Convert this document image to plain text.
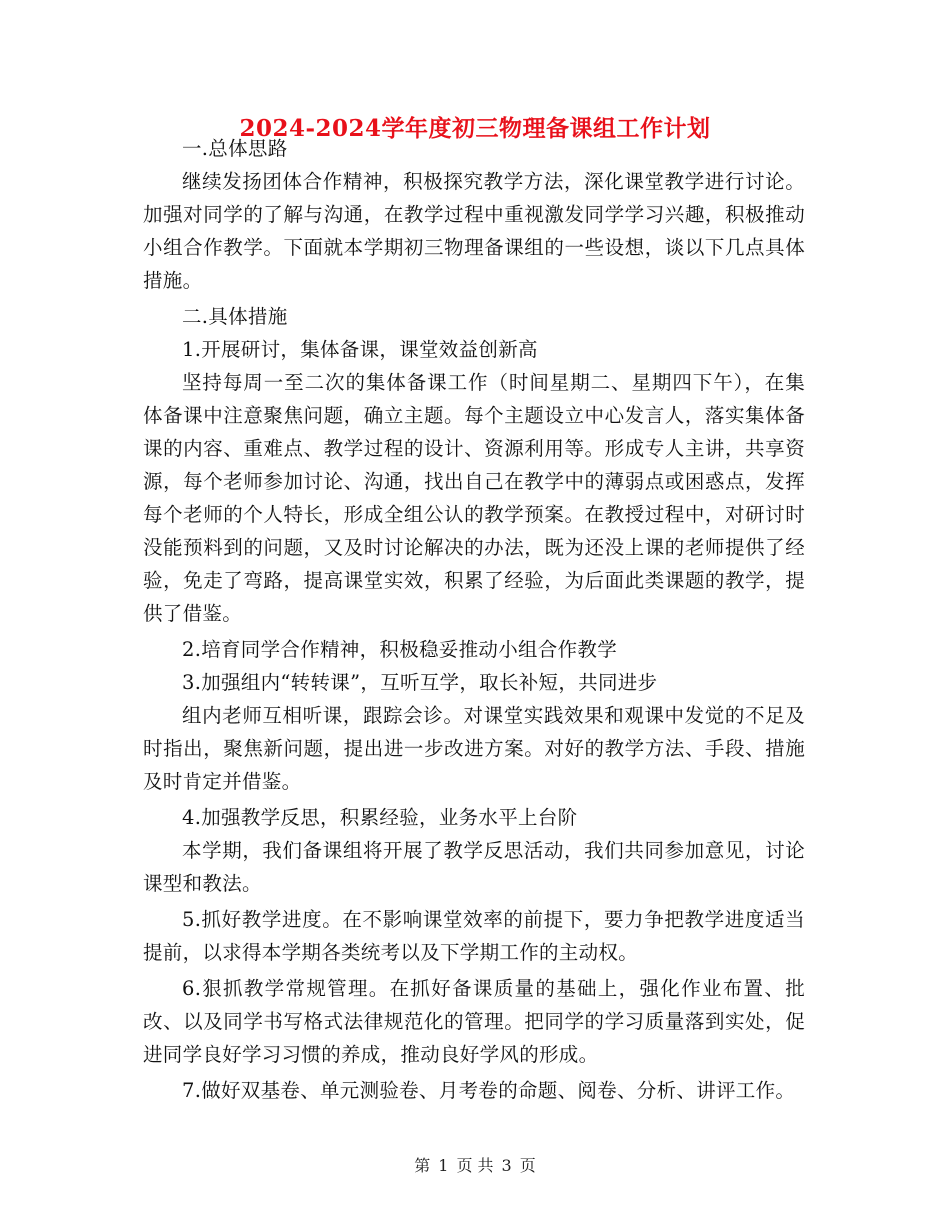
2024-2024学年度初三物理备课组工作计划

一.总体思路

继续发扬团体合作精神，积极探究教学方法，深化课堂教学进行讨论。加强对同学的了解与沟通，在教学过程中重视激发同学学习兴趣，积极推动小组合作教学。下面就本学期初三物理备课组的一些设想，谈以下几点具体措施。

二.具体措施

1.开展研讨，集体备课，课堂效益创新高

坚持每周一至二次的集体备课工作（时间星期二、星期四下午），在集体备课中注意聚焦问题，确立主题。每个主题设立中心发言人，落实集体备课的内容、重难点、教学过程的设计、资源利用等。形成专人主讲，共享资源，每个老师参加讨论、沟通，找出自己在教学中的薄弱点或困惑点，发挥每个老师的个人特长，形成全组公认的教学预案。在教授过程中，对研讨时没能预料到的问题，又及时讨论解决的办法，既为还没上课的老师提供了经验，免走了弯路，提高课堂实效，积累了经验，为后面此类课题的教学，提供了借鉴。

2.培育同学合作精神，积极稳妥推动小组合作教学

3.加强组内“转转课”，互听互学，取长补短，共同进步

组内老师互相听课，跟踪会诊。对课堂实践效果和观课中发觉的不足及时指出，聚焦新问题，提出进一步改进方案。对好的教学方法、手段、措施及时肯定并借鉴。

4.加强教学反思，积累经验，业务水平上台阶

本学期，我们备课组将开展了教学反思活动，我们共同参加意见，讨论课型和教法。

5.抓好教学进度。在不影响课堂效率的前提下，要力争把教学进度适当提前，以求得本学期各类统考以及下学期工作的主动权。

6.狠抓教学常规管理。在抓好备课质量的基础上，强化作业布置、批改、以及同学书写格式法律规范化的管理。把同学的学习质量落到实处，促进同学良好学习习惯的养成，推动良好学风的形成。

7.做好双基卷、单元测验卷、月考卷的命题、阅卷、分析、讲评工作。

第 1 页 共 3 页
